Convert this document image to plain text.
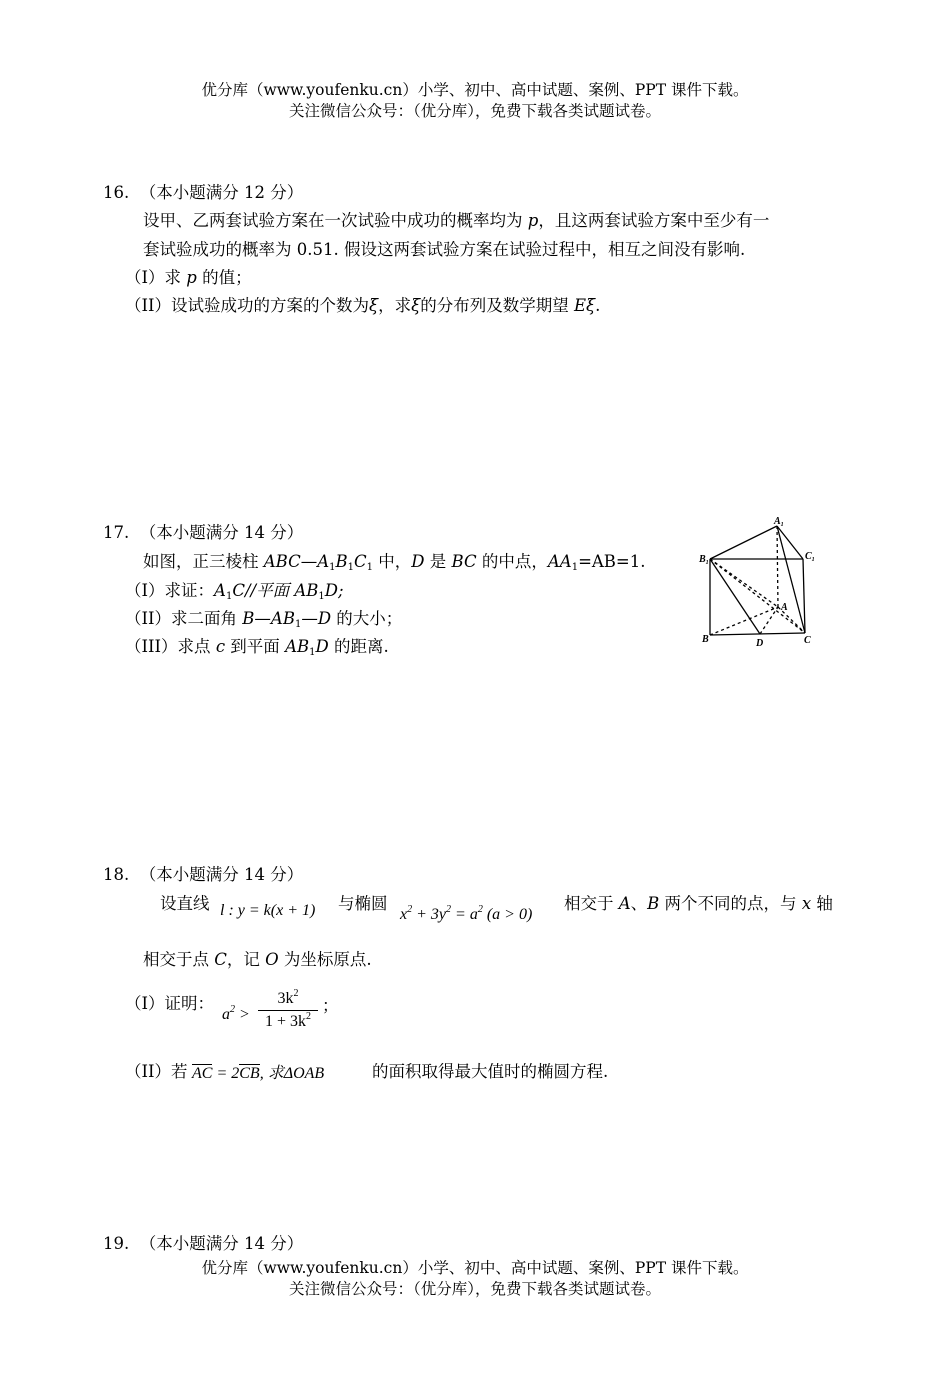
优分库（www.youfenku.cn）小学、初中、高中试题、案例、PPT 课件下载。
关注微信公众号：（优分库），免费下载各类试题试卷。
16. （本小题满分 12 分）
设甲、乙两套试验方案在一次试验中成功的概率均为 p，且这两套试验方案中至少有一
套试验成功的概率为 0.51. 假设这两套试验方案在试验过程中，相互之间没有影响.
（I）求 p 的值；
（II）设试验成功的方案的个数为ξ，求ξ的分布列及数学期望 Eξ.
17. （本小题满分 14 分）
如图，正三棱柱 $ABC—A_1B_1C_1$ 中，D 是 BC 的中点，$AA_1=AB=1$.
（I）求证：$A_1C//$平面 $AB_1D$;
（II）求二面角 $B—AB_1—D$ 的大小；
（III）求点 c 到平面 $AB_1D$ 的距离.
$A_1$
$B_1$
$C_1$
A
B	D	C
18. （本小题满分 14 分）
设直线 l : y = k(x + 1) 与椭圆
$x^2 + 3y^2 = a^2$ (a > 0)
相交于 A、B 两个不同的点，与 x 轴
相交于点 C，记 O 为坐标原点.
（I）证明：
$a^2 > \frac{3k^2}{1 + 3k^2}$ ；
（II）若 AC = 2CB, 求ΔOAB	的面积取得最大值时的椭圆方程.
19. （本小题满分 14 分）
优分库（www.youfenku.cn）小学、初中、高中试题、案例、PPT 课件下载。
关注微信公众号：（优分库），免费下载各类试题试卷。
